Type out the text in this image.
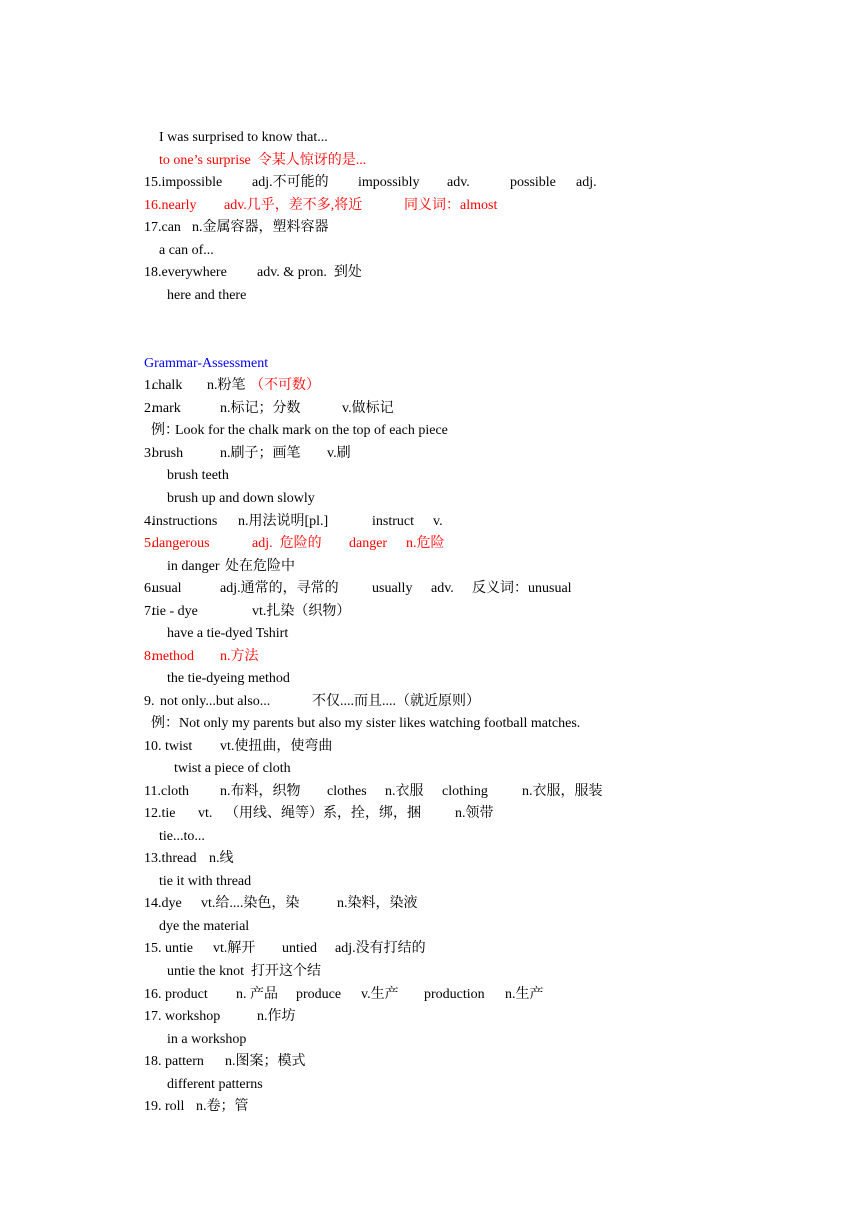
I was surprised to know that...

to one’s surprise  令某人惊讶的是...

15.impossible adj.不可能的 impossibly adv.	possible adj.

16.nearly adv.几乎，差不多,将近	同义词：almost

17.can n.金属容器，塑料容器

a can of...

18.everywhere adv. & pron.  到处

here and there

Grammar-Assessment

1.
chalk n.粉笔 （不可数）

2.
mark	n.标记；分数	v.做标记

例：
Look for the chalk mark on the top of each piece

3.
brush	n.刷子；画笔 v.刷

brush teeth

brush up and down slowly

4.
instructions n.用法说明[pl.]	instruct v.

5.
dangerous	adj.  危险的 danger n.危险

in danger 处在危险中

6.
usual	adj.通常的，寻常的 usually adv. 反义词：unusual

7.
tie - dye	vt.扎染（织物）

have a tie-dyed Tshirt

8.
method n.方法

the tie-dyeing method

9. not only...but also...	不仅....而且....（就近原则）

例：Not only my parents but also my sister likes watching football matches.

10. twist vt.使扭曲，使弯曲

twist a piece of cloth

11.cloth n.布料，织物 clothes n.衣服 clothing n.衣服，服装

12.tie vt. （用线、绳等）系，拴，绑，捆 n.领带

tie...to...

13.thread n.线

tie it with thread

14.dye vt.给....染色，染	n.染料，染液

dye the material

15. untie vt.解开 untied adj.没有打结的

untie the knot  打开这个结

16. product n. 产品 produce v.生产 production n.生产

17. workshop	n.作坊

in a workshop

18. pattern n.图案；模式

different patterns

19. roll n.卷；管
